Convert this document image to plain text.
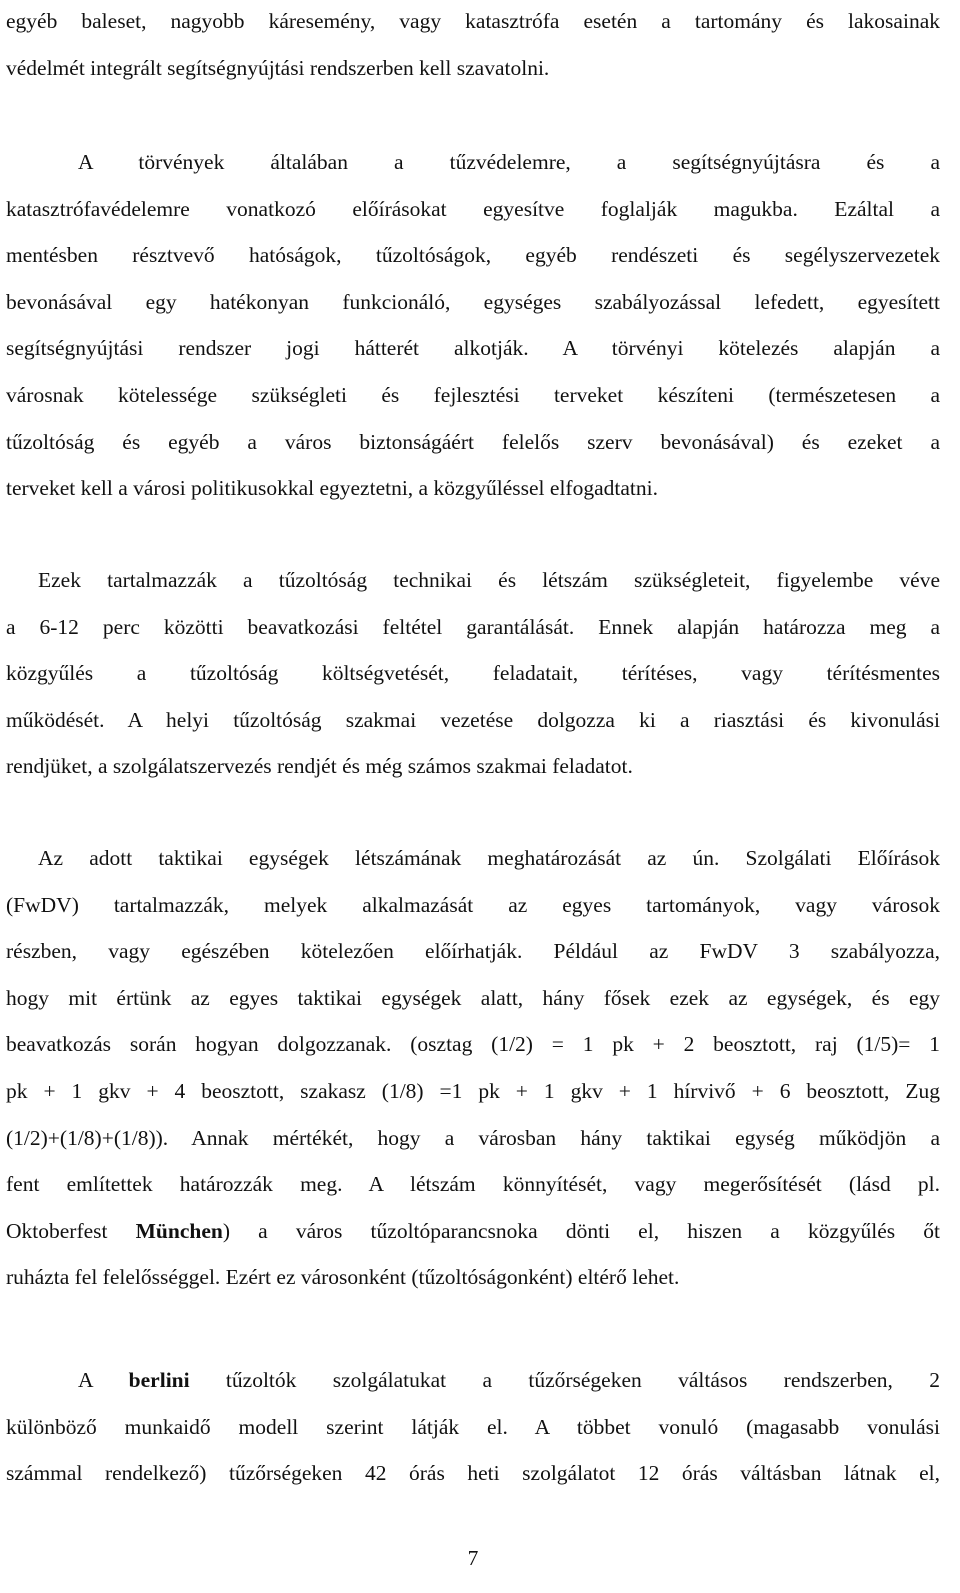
egyéb baleset, nagyobb káresemény, vagy katasztrófa esetén a tartomány és lakosainak
védelmét integrált segítségnyújtási rendszerben kell szavatolni.
A törvények általában a tűzvédelemre, a segítségnyújtásra és a
katasztrófavédelemre vonatkozó előírásokat egyesítve foglalják magukba. Ezáltal a
mentésben résztvevő hatóságok, tűzoltóságok, egyéb rendészeti és segélyszervezetek
bevonásával egy hatékonyan funkcionáló, egységes szabályozással lefedett, egyesített
segítségnyújtási rendszer jogi hátterét alkotják. A törvényi kötelezés alapján a
városnak kötelessége szükségleti és fejlesztési terveket készíteni (természetesen a
tűzoltóság és egyéb a város biztonságáért felelős szerv bevonásával) és ezeket a
terveket kell a városi politikusokkal egyeztetni, a közgyűléssel elfogadtatni.
Ezek tartalmazzák a tűzoltóság technikai és létszám szükségleteit, figyelembe véve
a 6-12 perc közötti beavatkozási feltétel garantálását. Ennek alapján határozza meg a
közgyűlés a tűzoltóság költségvetését, feladatait, térítéses, vagy térítésmentes
működését. A helyi tűzoltóság szakmai vezetése dolgozza ki a riasztási és kivonulási
rendjüket, a szolgálatszervezés rendjét és még számos szakmai feladatot.
Az adott taktikai egységek létszámának meghatározását az ún. Szolgálati Előírások
(FwDV) tartalmazzák, melyek alkalmazását az egyes tartományok, vagy városok
részben, vagy egészében kötelezően előírhatják. Például az FwDV 3 szabályozza,
hogy mit értünk az egyes taktikai egységek alatt, hány fősek ezek az egységek, és egy
beavatkozás során hogyan dolgozzanak. (osztag (1/2) = 1 pk + 2 beosztott, raj (1/5)= 1
pk + 1 gkv + 4 beosztott, szakasz (1/8) =1 pk + 1 gkv + 1 hírvivő + 6 beosztott, Zug
(1/2)+(1/8)+(1/8)). Annak mértékét, hogy a városban hány taktikai egység működjön a
fent említettek határozzák meg. A létszám könnyítését, vagy megerősítését (lásd pl.
Oktoberfest München) a város tűzoltóparancsnoka dönti el, hiszen a közgyűlés őt
ruházta fel felelősséggel. Ezért ez városonként (tűzoltóságonként) eltérő lehet.
A berlini tűzoltók szolgálatukat a tűzőrségeken váltásos rendszerben, 2
különböző munkaidő modell szerint látják el. A többet vonuló (magasabb vonulási
számmal rendelkező) tűzőrségeken 42 órás heti szolgálatot 12 órás váltásban látnak el,
7
